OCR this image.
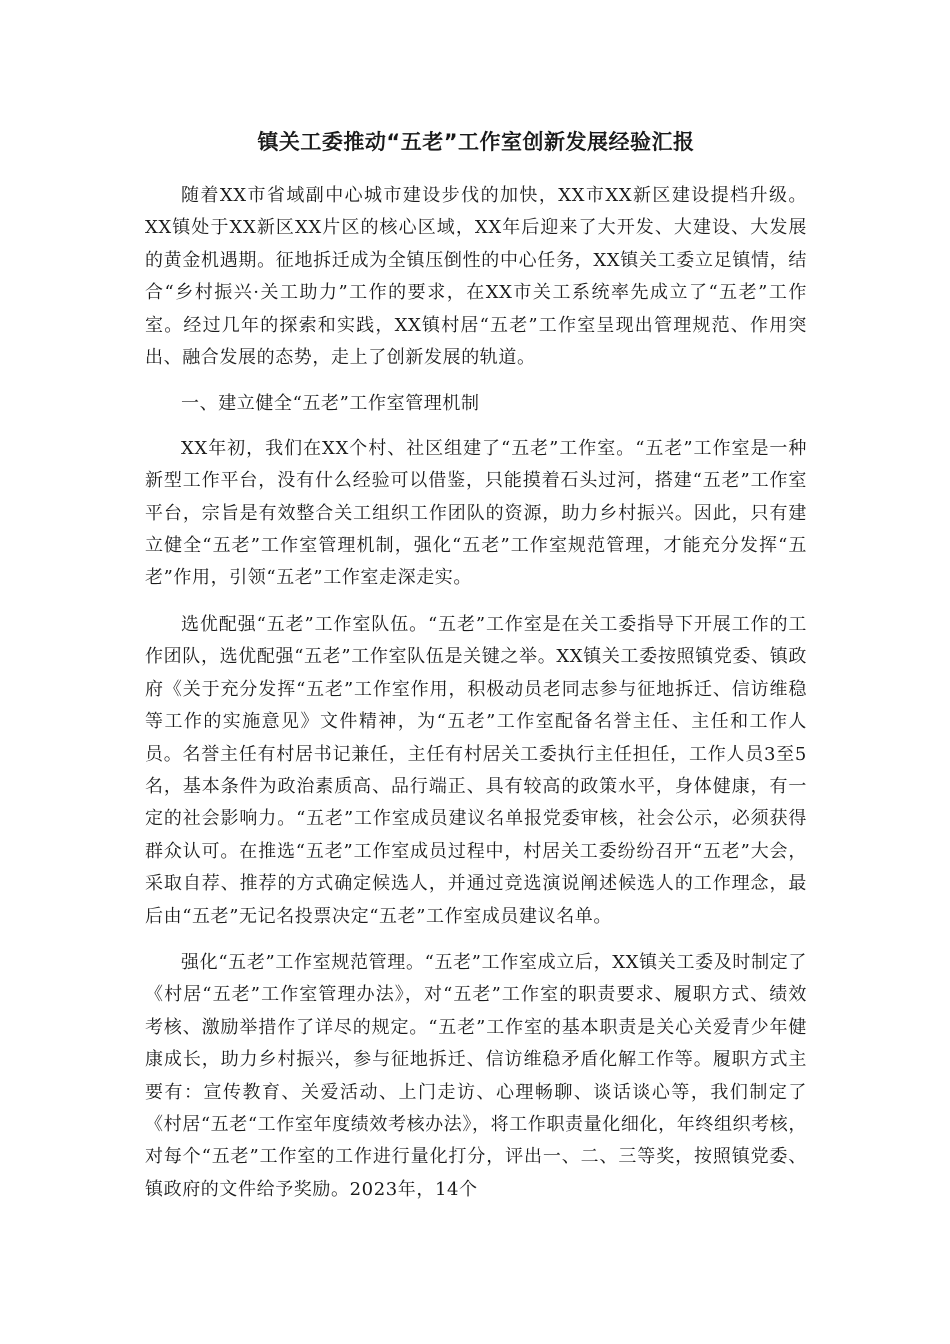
镇关工委推动“五老”工作室创新发展经验汇报

随着XX市省域副中心城市建设步伐的加快，XX市XX新区建设提档升级。XX镇处于XX新区XX片区的核心区域，XX年后迎来了大开发、大建设、大发展的黄金机遇期。征地拆迁成为全镇压倒性的中心任务，XX镇关工委立足镇情，结合“乡村振兴·关工助力”工作的要求，在XX市关工系统率先成立了“五老”工作室。经过几年的探索和实践，XX镇村居“五老”工作室呈现出管理规范、作用突出、融合发展的态势，走上了创新发展的轨道。

一、建立健全“五老”工作室管理机制

XX年初，我们在XX个村、社区组建了“五老”工作室。“五老”工作室是一种新型工作平台，没有什么经验可以借鉴，只能摸着石头过河，搭建“五老”工作室平台，宗旨是有效整合关工组织工作团队的资源，助力乡村振兴。因此，只有建立健全“五老”工作室管理机制，强化“五老”工作室规范管理，才能充分发挥“五老”作用，引领“五老”工作室走深走实。

选优配强“五老”工作室队伍。“五老”工作室是在关工委指导下开展工作的工作团队，选优配强“五老”工作室队伍是关键之举。XX镇关工委按照镇党委、镇政府《关于充分发挥“五老”工作室作用，积极动员老同志参与征地拆迁、信访维稳等工作的实施意见》文件精神，为“五老”工作室配备名誉主任、主任和工作人员。名誉主任有村居书记兼任，主任有村居关工委执行主任担任，工作人员3至5名，基本条件为政治素质高、品行端正、具有较高的政策水平，身体健康，有一定的社会影响力。“五老”工作室成员建议名单报党委审核，社会公示，必须获得群众认可。在推选“五老”工作室成员过程中，村居关工委纷纷召开“五老”大会，采取自荐、推荐的方式确定候选人，并通过竞选演说阐述候选人的工作理念，最后由“五老”无记名投票决定“五老”工作室成员建议名单。

强化“五老”工作室规范管理。“五老”工作室成立后，XX镇关工委及时制定了《村居“五老”工作室管理办法》，对“五老”工作室的职责要求、履职方式、绩效考核、激励举措作了详尽的规定。“五老”工作室的基本职责是关心关爱青少年健康成长，助力乡村振兴，参与征地拆迁、信访维稳矛盾化解工作等。履职方式主要有：宣传教育、关爱活动、上门走访、心理畅聊、谈话谈心等，我们制定了《村居“五老“工作室年度绩效考核办法》，将工作职责量化细化，年终组织考核，对每个“五老”工作室的工作进行量化打分，评出一、二、三等奖，按照镇党委、镇政府的文件给予奖励。2023年，14个
